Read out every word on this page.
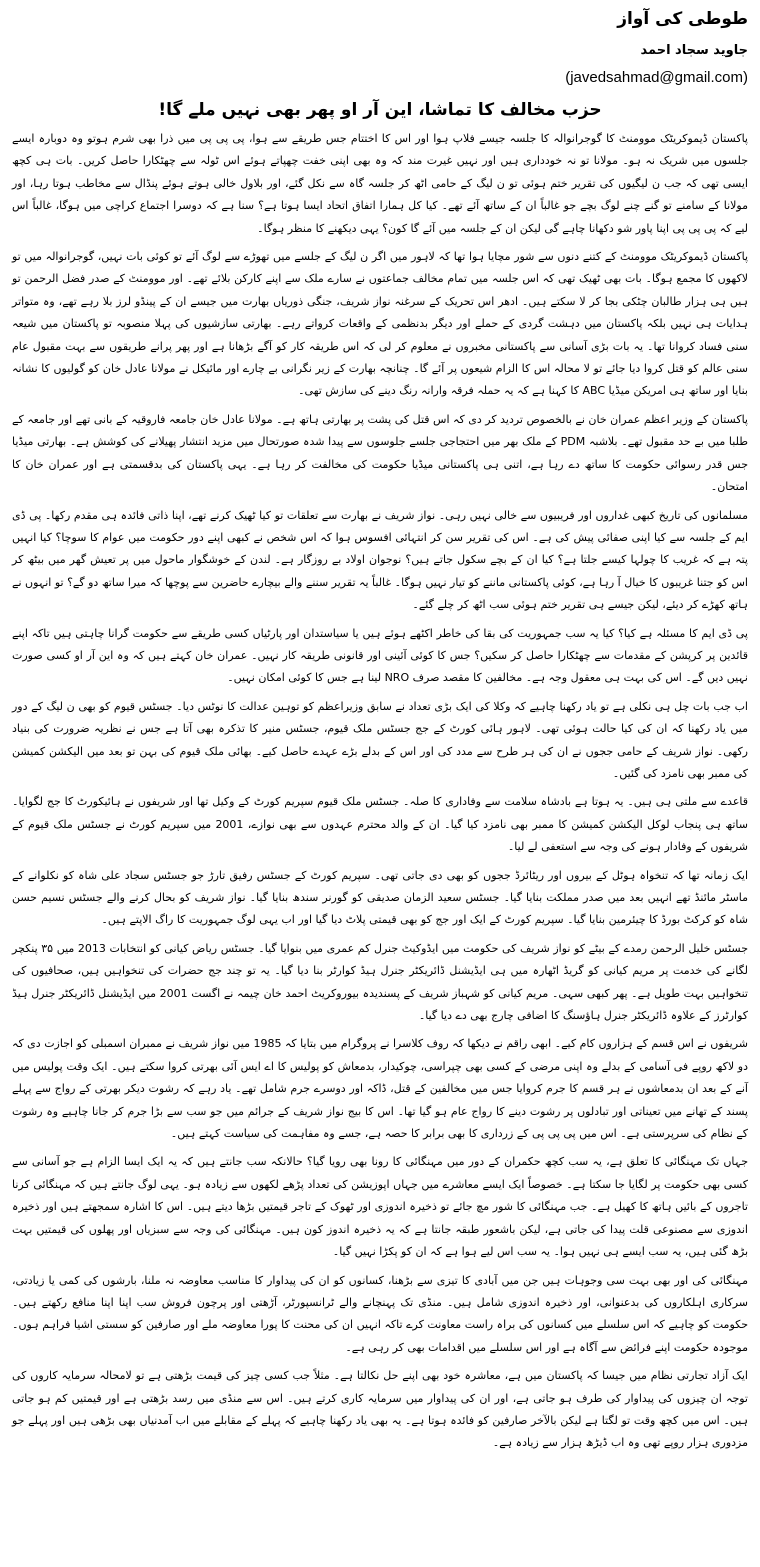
طوطی کی آواز
جاوید سجاد احمد
(javedsahmad@gmail.com)
حزب مخالف کا تماشا، این آر او پھر بھی نہیں ملے گا!

پاکستان ڈیموکریٹک موومنٹ کا گوجرانوالہ کا جلسہ جیسے فلاپ ہوا اور اس کا اختتام جس طریقے سے ہوا، پی پی پی میں ذرا بھی شرم ہوتو وہ دوبارہ ایسے جلسوں میں شریک نہ ہو۔ مولانا تو نہ خودداری ہیں اور نہیں غیرت مند کہ وہ بھی اپنی خفت چھپاتے ہوئے اس ٹولہ سے چھٹکارا حاصل کریں۔ بات ہی کچھ ایسی تھی کہ جب ن لیگیوں کی تقریر ختم ہوئی تو ن لیگ کے حامی اٹھ کر جلسہ گاہ سے نکل گئے، اور بلاول خالی ہوتے ہوئے پنڈال سے مخاطب ہوتا رہا، اور مولانا کے سامنے تو گنے چنے لوگ بچے جو غالباً ان کے ساتھ آئے تھے۔ کیا کل ہمارا اتفاق اتحاد ایسا ہوتا ہے؟ سنا ہے کہ دوسرا اجتماع کراچی میں ہوگا، غالباً اس لیے کہ پی پی پی اپنا پاور شو دکھانا چاہے گی لیکن ان کے جلسہ میں آئے گا کون؟ یہی دیکھنے کا منظر ہوگا۔

پاکستان ڈیموکریٹک موومنٹ کے کتنے دنوں سے شور مچایا ہوا تھا کہ لاہور میں اگر ن لیگ کے جلسے میں تھوڑے سے لوگ آئے تو کوئی بات نہیں، گوجرانوالہ میں تو لاکھوں کا مجمع ہوگا۔ بات بھی ٹھیک تھی کہ اس جلسہ میں تمام مخالف جماعتوں نے سارے ملک سے اپنے کارکن بلائے تھے۔ اور موومنٹ کے صدر فضل الرحمن تو ہیں ہی ہزار طالبان چٹکی بجا کر لا سکتے ہیں۔ ادھر اس تحریک کے سرغنہ نواز شریف، جنگی ذوریاں بھارت میں جیسے ان کے پینڈو لرز بلا رہے تھے، وہ متواتر ہدایات ہی نہیں بلکہ پاکستان میں دہشت گردی کے حملے اور دیگر بدنظمی کے واقعات کرواتے رہے۔ بھارتی سازشیوں کی پہلا منصوبہ تو پاکستان میں شیعہ سنی فساد کروانا تھا۔ یہ بات بڑی آسانی سے پاکستانی مخبروں نے معلوم کر لی کہ اس طریقہ کار کو آگے بڑھانا ہے اور پھر پرانے طریقوں سے بہت مقبول عام سنی عالم کو قتل کروا دیا جائے تو لا محالہ اس کا الزام شیعوں پر آئے گا۔ چنانچہ بھارت کے زیر نگرانی بے چارے اور مائیکل نے مولانا عادل خان کو گولیوں کا نشانہ بنایا اور ساتھ ہی امریکن میڈیا ABC کا کہنا ہے کہ یہ حملہ فرقہ وارانہ رنگ دینے کی سازش تھی۔

پاکستان کے وزیر اعظم عمران خان نے بالخصوص تردید کر دی کہ اس قتل کی پشت پر بھارتی ہاتھ ہے۔ مولانا عادل خان جامعہ فاروقیہ کے بانی تھے اور جامعہ کے طلبا میں بے حد مقبول تھے۔ بلاشبہ PDM کے ملک بھر میں احتجاجی جلسے جلوسوں سے پیدا شدہ صورتحال میں مزید انتشار پھیلانے کی کوشش ہے۔ بھارتی میڈیا جس قدر رسوائی حکومت کا ساتھ دے رہا ہے، اتنی ہی پاکستانی میڈیا حکومت کی مخالفت کر رہا ہے۔ یہی پاکستان کی بدقسمتی ہے اور عمران خان کا امتحان۔

مسلمانوں کی تاریخ کبھی غداروں اور فریبیوں سے خالی نہیں رہی۔ نواز شریف نے بھارت سے تعلقات تو کیا ٹھیک کرنے تھے، اپنا ذاتی فائدہ ہی مقدم رکھا۔ پی ڈی ایم کے جلسہ سے کیا اپنی صفائی پیش کی ہے۔ اس کی تقریر سن کر انتہائی افسوس ہوا کہ اس شخص نے کبھی اپنے دور حکومت میں عوام کا سوچا؟ کیا انہیں پتہ ہے کہ غریب کا چولہا کیسے جلتا ہے؟ کیا ان کے بچے سکول جاتے ہیں؟ نوجوان اولاد بے روزگار ہے۔ لندن کے خوشگوار ماحول میں پر تعیش گھر میں بیٹھ کر اس کو جتنا غریبوں کا خیال آ رہا ہے، کوئی پاکستانی ماننے کو تیار نہیں ہوگا۔ غالباً یہ تقریر سننے والے بیچارے حاضرین سے پوچھا کہ میرا ساتھ دو گے؟ تو انہوں نے ہاتھ کھڑے کر دیئے، لیکن جیسے ہی تقریر ختم ہوئی سب اٹھ کر چلے گئے۔

پی ڈی ایم کا مسئلہ ہے کیا؟ کیا یہ سب جمہوریت کی بقا کی خاطر اکٹھے ہوئے ہیں یا سیاستدان اور پارٹیاں کسی طریقے سے حکومت گرانا چاہتی ہیں تاکہ اپنے قائدین پر کرپشن کے مقدمات سے چھٹکارا حاصل کر سکیں؟ جس کا کوئی آئینی اور قانونی طریقہ کار نہیں۔ عمران خان کہتے ہیں کہ وہ این آر او کسی صورت نہیں دیں گے۔ اس کی بہت ہی معقول وجہ ہے۔ مخالفین کا مقصد صرف NRO لینا ہے جس کا کوئی امکان نہیں۔

اب جب بات چل ہی نکلی ہے تو یاد رکھنا چاہیے کہ وکلا کی ایک بڑی تعداد نے سابق وزیراعظم کو توہین عدالت کا نوٹس دیا۔ جسٹس قیوم کو بھی ن لیگ کے دور میں یاد رکھنا کہ ان کی کیا حالت ہوئی تھی۔ لاہور ہائی کورٹ کے جج جسٹس ملک قیوم، جسٹس منیر کا تذکرہ بھی آتا ہے جس نے نظریہ ضرورت کی بنیاد رکھی۔ نواز شریف کے حامی ججوں نے ان کی ہر طرح سے مدد کی اور اس کے بدلے بڑے عہدے حاصل کیے۔ بھائی ملک قیوم کی بہن تو بعد میں الیکشن کمیشن کی ممبر بھی نامزد کی گئیں۔

قاعدے سے ملتی ہی ہیں۔ یہ ہوتا ہے بادشاہ سلامت سے وفاداری کا صلہ۔ جسٹس ملک قیوم سپریم کورٹ کے وکیل تھا اور شریفوں نے ہائیکورٹ کا جج لگوایا۔ ساتھ ہی پنجاب لوکل الیکشن کمیشن کا ممبر بھی نامزد کیا گیا۔ ان کے والد محترم عہدوں سے بھی نوازے، 2001 میں سپریم کورٹ نے جسٹس ملک قیوم کے شریفوں کے وفادار ہونے کی وجہ سے استعفی لے لیا۔

ایک زمانہ تھا کہ تنخواہ ہوٹل کے بیروں اور ریٹائرڈ ججوں کو بھی دی جاتی تھی۔ سپریم کورٹ کے جسٹس رفیق تارڑ جو جسٹس سجاد علی شاہ کو نکلوانے کے ماسٹر مائنڈ تھے انہیں بعد میں صدر مملکت بنایا گیا۔ جسٹس سعید الزمان صدیقی کو گورنر سندھ بنایا گیا۔ نواز شریف کو بحال کرنے والے جسٹس نسیم حسن شاہ کو کرکٹ بورڈ کا چیئرمین بنایا گیا۔ سپریم کورٹ کے ایک اور جج کو بھی قیمتی پلاٹ دیا گیا اور اب یہی لوگ جمہوریت کا راگ الاپتے ہیں۔

جسٹس خلیل الرحمن رمدے کے بیٹے کو نواز شریف کی حکومت میں ایڈوکیٹ جنرل کم عمری میں بنوایا گیا۔ جسٹس ریاض کیانی کو انتخابات 2013 میں ۳۵ پنکچر لگانے کی خدمت پر مریم کیانی کو گریڈ اٹھارہ میں ہی ایڈیشنل ڈائریکٹر جنرل ہیڈ کوارٹر بنا دیا گیا۔ یہ تو چند جج حضرات کی تنخواہیں ہیں، صحافیوں کی تنخواہیں بہت طویل ہے۔ پھر کبھی سہی۔ مریم کیانی کو شہباز شریف کے پسندیدہ بیوروکریٹ احمد خان چیمہ نے اگست 2001 میں ایڈیشنل ڈائریکٹر جنرل ہیڈ کوارٹرز کے علاوہ ڈائریکٹر جنرل ہاؤسنگ کا اضافی چارج بھی دے دیا گیا۔

شریفوں نے اس قسم کے ہزاروں کام کیے۔ ابھی راقم نے دیکھا کہ روف کلاسرا نے پروگرام میں بتایا کہ 1985 میں نواز شریف نے ممبران اسمبلی کو اجازت دی کہ دو لاکھ روپے فی آسامی کے بدلے وہ اپنی مرضی کے کسی بھی چپراسی، چوکیدار، بدمعاش کو پولیس کا اے ایس آئی بھرتی کروا سکتے ہیں۔ ایک وقت پولیس میں آنے کے بعد ان بدمعاشوں نے ہر قسم کا جرم کروایا جس میں مخالفین کے قتل، ڈاکہ اور دوسرے جرم شامل تھے۔ یاد رہے کہ رشوت دیکر بھرتی کے رواج سے پہلے پسند کے تھانے میں تعیناتی اور تبادلوں پر رشوت دینے کا رواج عام ہو گیا تھا۔ اس کا بیج نواز شریف کے جرائم میں جو سب سے بڑا جرم کر جانا چاہیے وہ رشوت کے نظام کی سرپرستی ہے۔ اس میں پی پی پی کے زرداری کا بھی برابر کا حصہ ہے، جسے وہ مفاہمت کی سیاست کہتے ہیں۔

جہاں تک مہنگائی کا تعلق ہے، یہ سب کچھ حکمران کے دور میں مہنگائی کا رونا بھی رویا گیا؟ حالانکہ سب جانتے ہیں کہ یہ ایک ایسا الزام ہے جو آسانی سے کسی بھی حکومت پر لگایا جا سکتا ہے۔ خصوصاً ایک ایسے معاشرے میں جہاں اپوزیشن کی تعداد پڑھے لکھوں سے زیادہ ہو۔ یہی لوگ جانتے ہیں کہ مہنگائی کرنا تاجروں کے بائیں ہاتھ کا کھیل ہے۔ جب مہنگائی کا شور مچ جائے تو ذخیرہ اندوزی اور ٹھوک کے تاجر قیمتیں بڑھا دیتے ہیں۔ اس کا اشارہ سمجھتے ہیں اور ذخیرہ اندوزی سے مصنوعی قلت پیدا کی جاتی ہے، لیکن باشعور طبقہ جانتا ہے کہ یہ ذخیرہ اندوز کون ہیں۔ مہنگائی کی وجہ سے سبزیاں اور پھلوں کی قیمتیں بہت بڑھ گئی ہیں، یہ سب ایسے ہی نہیں ہوا۔ یہ سب اس لیے ہوا ہے کہ ان کو پکڑا نہیں گیا۔

مہنگائی کی اور بھی بہت سی وجوہات ہیں جن میں آبادی کا تیزی سے بڑھنا، کسانوں کو ان کی پیداوار کا مناسب معاوضہ نہ ملنا، بارشوں کی کمی یا زیادتی، سرکاری اہلکاروں کی بدعنوانی، اور ذخیرہ اندوزی شامل ہیں۔ منڈی تک پہنچانے والے ٹرانسپورٹر، آڑھتی اور پرچون فروش سب اپنا اپنا منافع رکھتے ہیں۔ حکومت کو چاہیے کہ اس سلسلے میں کسانوں کی براہ راست معاونت کرے تاکہ انہیں ان کی محنت کا پورا معاوضہ ملے اور صارفین کو سستی اشیا فراہم ہوں۔ موجودہ حکومت اپنے فرائض سے آگاہ ہے اور اس سلسلے میں اقدامات بھی کر رہی ہے۔

ایک آزاد تجارتی نظام میں جیسا کہ پاکستان میں ہے، معاشرہ خود بھی اپنے حل نکالتا ہے۔ مثلاً جب کسی چیز کی قیمت بڑھتی ہے تو لامحالہ سرمایہ کاروں کی توجہ ان چیزوں کی پیداوار کی طرف ہو جاتی ہے، اور ان کی پیداوار میں سرمایہ کاری کرتے ہیں۔ اس سے منڈی میں رسد بڑھتی ہے اور قیمتیں کم ہو جاتی ہیں۔ اس میں کچھ وقت تو لگتا ہے لیکن بالآخر صارفین کو فائدہ ہوتا ہے۔ یہ بھی یاد رکھنا چاہیے کہ پہلے کے مقابلے میں اب آمدنیاں بھی بڑھی ہیں اور پہلے جو مزدوری ہزار روپے تھی وہ اب ڈیڑھ ہزار سے زیادہ ہے۔
